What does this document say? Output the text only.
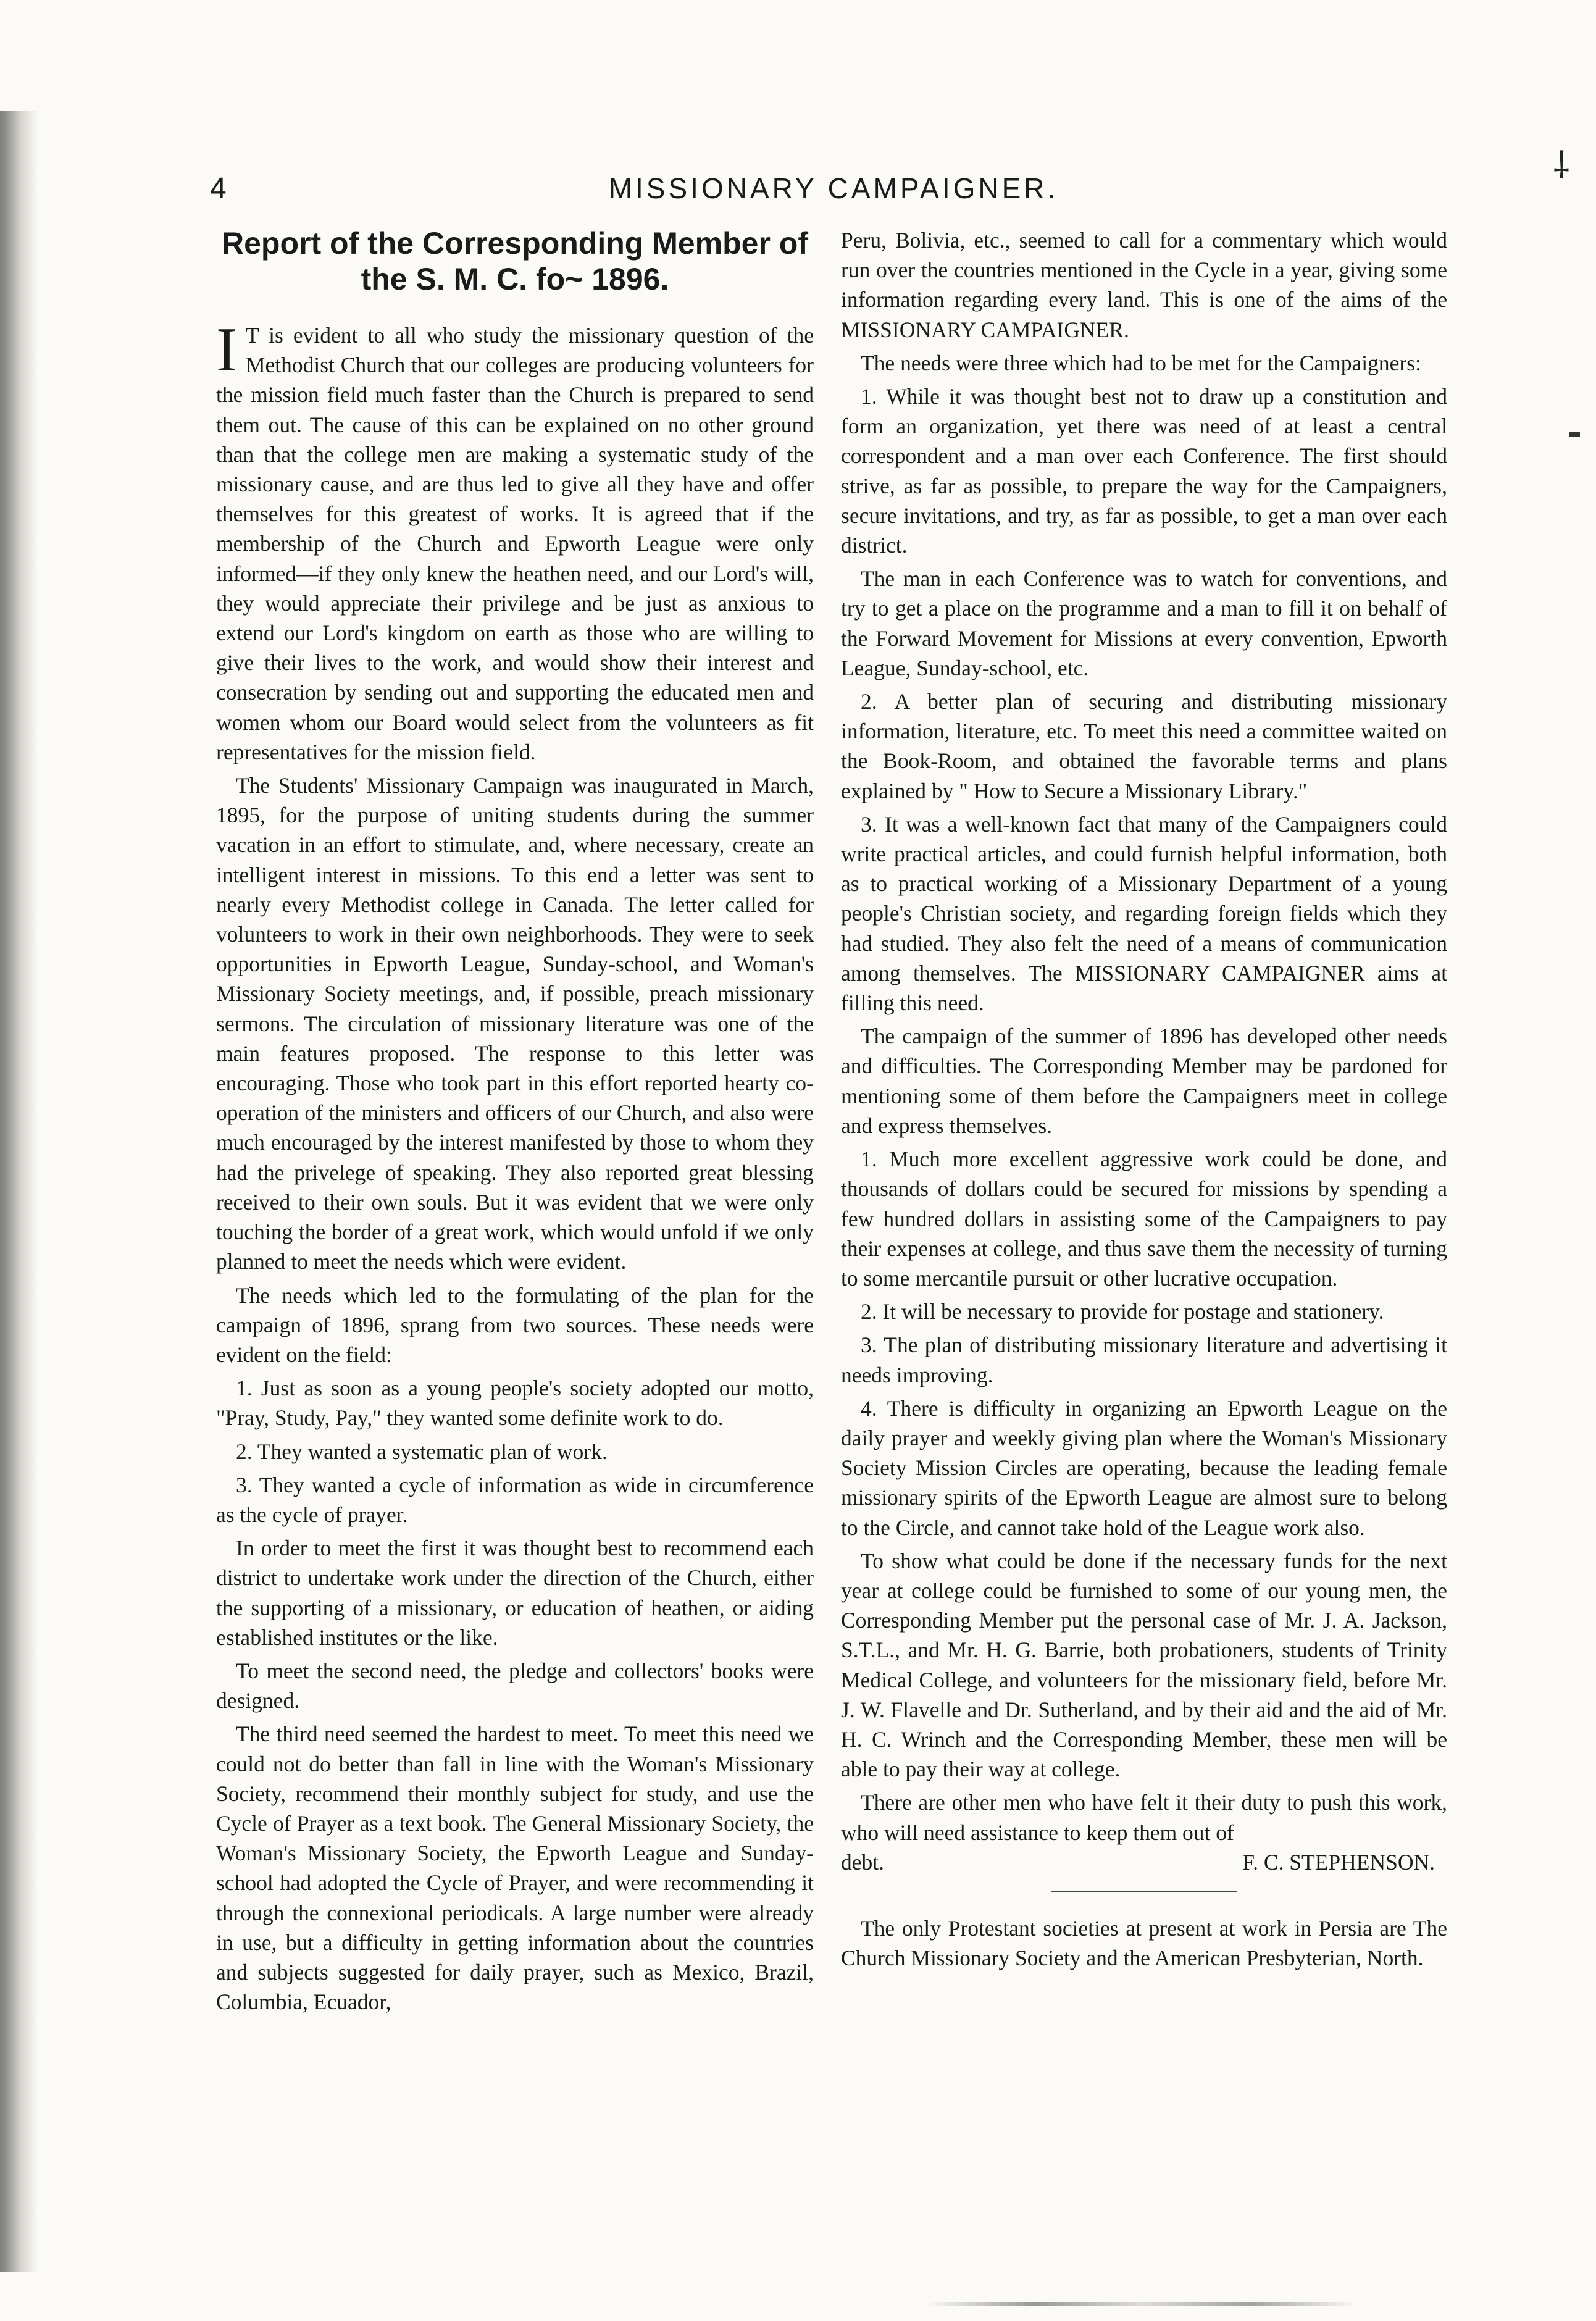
⸸
4	MISSIONARY CAMPAIGNER.
Report of the Corresponding Member of the S. M. C. fo~ 1896.

I T is evident to all who study the missionary question of the Methodist Church that our colleges are producing volunteers for the mission field much faster than the Church is prepared to send them out. The cause of this can be explained on no other ground than that the college men are making a systematic study of the missionary cause, and are thus led to give all they have and offer themselves for this greatest of works. It is agreed that if the membership of the Church and Epworth League were only informed—if they only knew the heathen need, and our Lord's will, they would appreciate their privilege and be just as anxious to extend our Lord's kingdom on earth as those who are willing to give their lives to the work, and would show their interest and consecration by sending out and supporting the educated men and women whom our Board would select from the volunteers as fit representatives for the mission field.

The Students' Missionary Campaign was inaugurated in March, 1895, for the purpose of uniting students during the summer vacation in an effort to stimulate, and, where necessary, create an intelligent interest in missions. To this end a letter was sent to nearly every Methodist college in Canada. The letter called for volunteers to work in their own neighborhoods. They were to seek opportunities in Epworth League, Sunday-school, and Woman's Missionary Society meetings, and, if possible, preach missionary sermons. The circulation of missionary literature was one of the main features proposed. The response to this letter was encouraging. Those who took part in this effort reported hearty co-operation of the ministers and officers of our Church, and also were much encouraged by the interest manifested by those to whom they had the privelege of speaking. They also reported great blessing received to their own souls. But it was evident that we were only touching the border of a great work, which would unfold if we only planned to meet the needs which were evident.

The needs which led to the formulating of the plan for the campaign of 1896, sprang from two sources. These needs were evident on the field:

1. Just as soon as a young people's society adopted our motto, "Pray, Study, Pay," they wanted some definite work to do.

2. They wanted a systematic plan of work.

3. They wanted a cycle of information as wide in circumference as the cycle of prayer.

In order to meet the first it was thought best to recommend each district to undertake work under the direction of the Church, either the supporting of a missionary, or education of heathen, or aiding established institutes or the like.

To meet the second need, the pledge and collectors' books were designed.

The third need seemed the hardest to meet. To meet this need we could not do better than fall in line with the Woman's Missionary Society, recommend their monthly subject for study, and use the Cycle of Prayer as a text book. The General Missionary Society, the Woman's Missionary Society, the Epworth League and Sunday-school had adopted the Cycle of Prayer, and were recommending it through the connexional periodicals. A large number were already in use, but a difficulty in getting information about the countries and subjects suggested for daily prayer, such as Mexico, Brazil, Columbia, Ecuador,

Peru, Bolivia, etc., seemed to call for a commentary which would run over the countries mentioned in the Cycle in a year, giving some information regarding every land. This is one of the aims of the MISSIONARY CAMPAIGNER.

The needs were three which had to be met for the Campaigners:

1. While it was thought best not to draw up a constitution and form an organization, yet there was need of at least a central correspondent and a man over each Conference. The first should strive, as far as possible, to prepare the way for the Campaigners, secure invitations, and try, as far as possible, to get a man over each district.

The man in each Conference was to watch for conventions, and try to get a place on the programme and a man to fill it on behalf of the Forward Movement for Missions at every convention, Epworth League, Sunday-school, etc.

2. A better plan of securing and distributing missionary information, literature, etc. To meet this need a committee waited on the Book-Room, and obtained the favorable terms and plans explained by " How to Secure a Missionary Library."

3. It was a well-known fact that many of the Campaigners could write practical articles, and could furnish helpful information, both as to practical working of a Missionary Department of a young people's Christian society, and regarding foreign fields which they had studied. They also felt the need of a means of communication among themselves. The MISSIONARY CAMPAIGNER aims at filling this need.

The campaign of the summer of 1896 has developed other needs and difficulties. The Corresponding Member may be pardoned for mentioning some of them before the Campaigners meet in college and express themselves.

1. Much more excellent aggressive work could be done, and thousands of dollars could be secured for missions by spending a few hundred dollars in assisting some of the Campaigners to pay their expenses at college, and thus save them the necessity of turning to some mercantile pursuit or other lucrative occupation.

2. It will be necessary to provide for postage and stationery.

3. The plan of distributing missionary literature and advertising it needs improving.

4. There is difficulty in organizing an Epworth League on the daily prayer and weekly giving plan where the Woman's Missionary Society Mission Circles are operating, because the leading female missionary spirits of the Epworth League are almost sure to belong to the Circle, and cannot take hold of the League work also.

To show what could be done if the necessary funds for the next year at college could be furnished to some of our young men, the Corresponding Member put the personal case of Mr. J. A. Jackson, S.T.L., and Mr. H. G. Barrie, both probationers, students of Trinity Medical College, and volunteers for the missionary field, before Mr. J. W. Flavelle and Dr. Sutherland, and by their aid and the aid of Mr. H. C. Wrinch and the Corresponding Member, these men will be able to pay their way at college.

There are other men who have felt it their duty to push this work, who will need assistance to keep them out of

debt.	F. C. STEPHENSON.

The only Protestant societies at present at work in Persia are The Church Missionary Society and the American Presbyterian, North.
